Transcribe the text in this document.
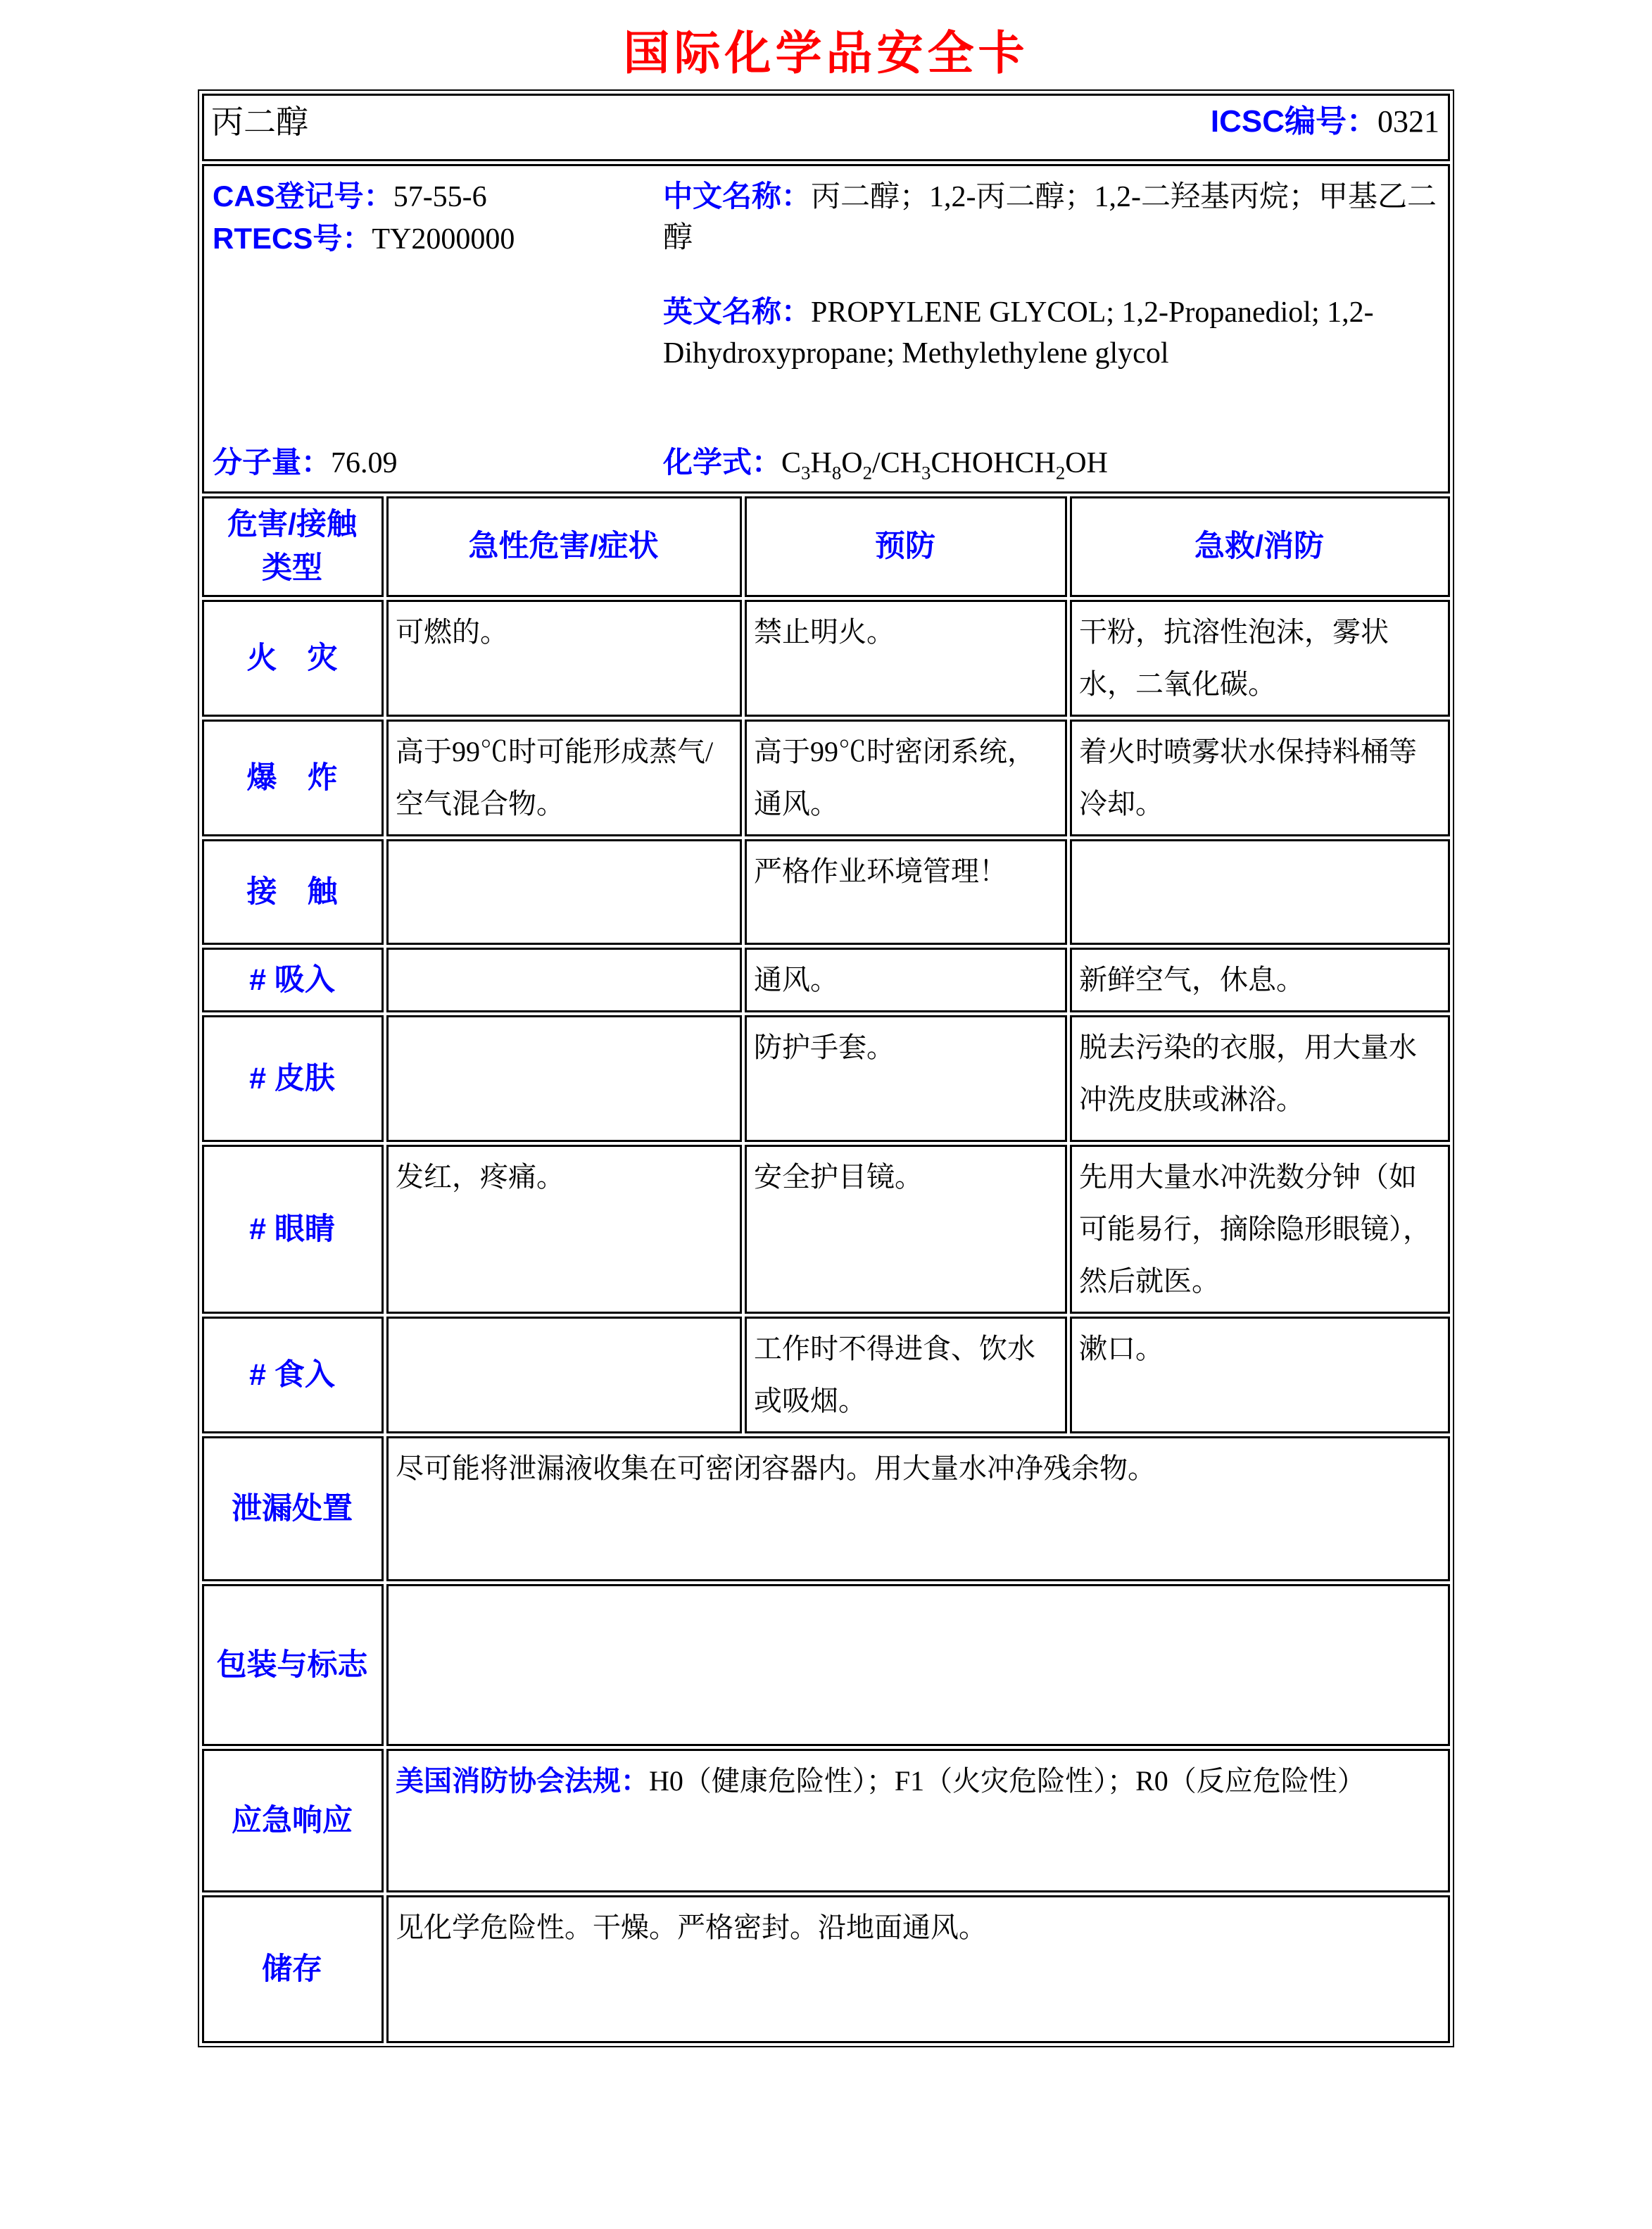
国际化学品安全卡
丙二醇 ICSC编号：0321			

CAS登记号：57-55-6
RTECS号：TY2000000

中文名称：丙二醇；1,2-丙二醇；1,2-二羟基丙烷；甲基乙二醇

英文名称：PROPYLENE GLYCOL; 1,2-Propanediol; 1,2-Dihydroxypropane; Methylethylene glycol

分子量：76.09	化学式：$C_3H_8O_2/CH_3CHOHCH_2OH$

危害/接触
类型	急性危害/症状	预防	急救/消防
火　灾	可燃的。	禁止明火。	干粉，抗溶性泡沫，雾状水，二氧化碳。
爆　炸	高于99℃时可能形成蒸气/空气混合物。	高于99℃时密闭系统，通风。	着火时喷雾状水保持料桶等冷却。
接　触		严格作业环境管理！	
# 吸入		通风。	新鲜空气，休息。
# 皮肤		防护手套。	脱去污染的衣服，用大量水冲洗皮肤或淋浴。
# 眼睛	发红，疼痛。	安全护目镜。	先用大量水冲洗数分钟（如可能易行，摘除隐形眼镜），然后就医。
# 食入		工作时不得进食、饮水或吸烟。	漱口。
泄漏处置	尽可能将泄漏液收集在可密闭容器内。用大量水冲净残余物。		
包装与标志			
应急响应	美国消防协会法规：H0（健康危险性）；F1（火灾危险性）；R0（反应危险性）		
储存	见化学危险性。干燥。严格密封。沿地面通风。		
